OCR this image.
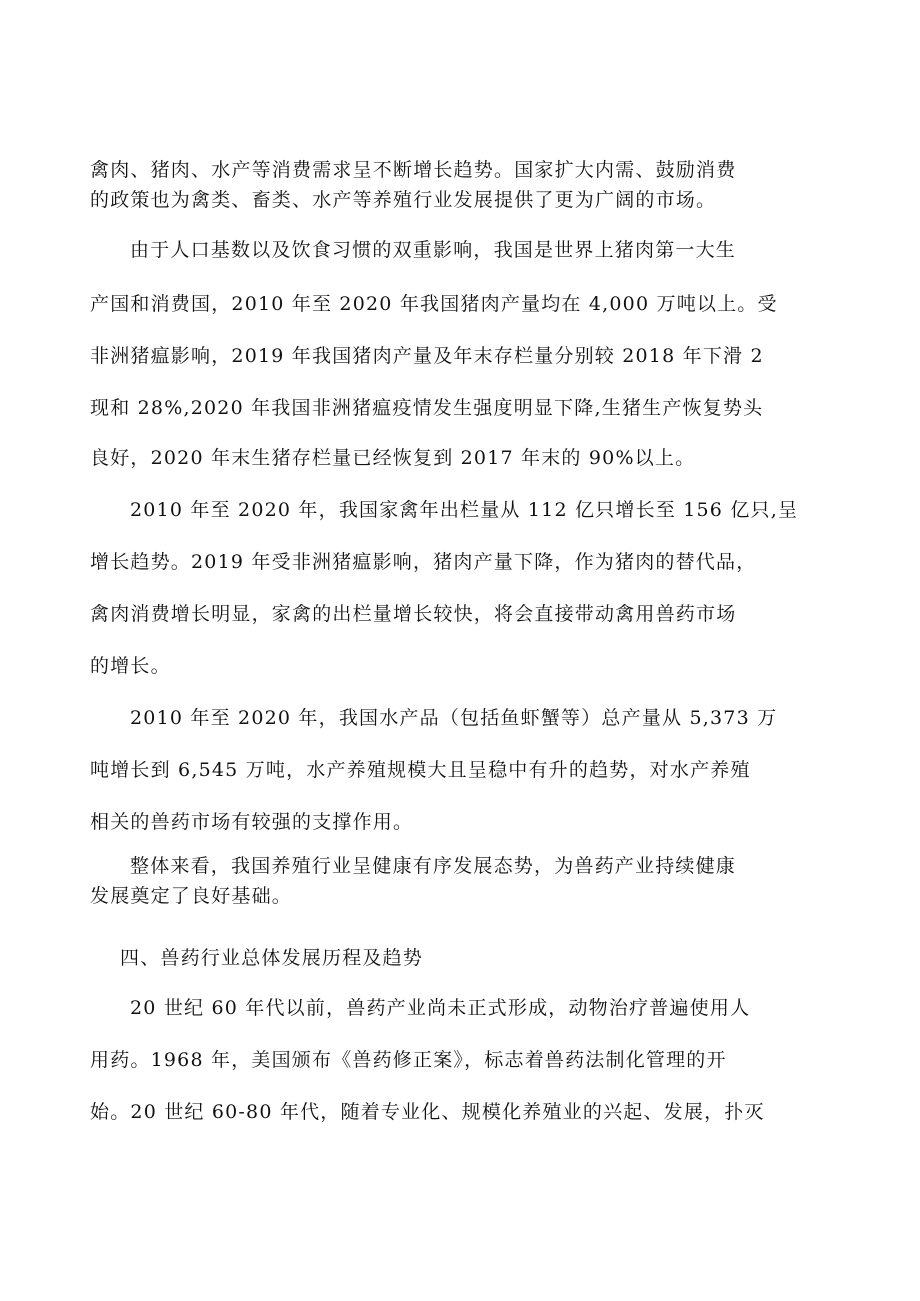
禽肉、猪肉、水产等消费需求呈不断增长趋势。国家扩大内需、鼓励消费
的政策也为禽类、畜类、水产等养殖行业发展提供了更为广阔的市场。
由于人口基数以及饮食习惯的双重影响，我国是世界上猪肉第一大生
产国和消费国，2010 年至 2020 年我国猪肉产量均在 4,000 万吨以上。受
非洲猪瘟影响，2019 年我国猪肉产量及年末存栏量分别较 2018 年下滑 2
现和 28%,2020 年我国非洲猪瘟疫情发生强度明显下降,生猪生产恢复势头
良好，2020 年末生猪存栏量已经恢复到 2017 年末的 90%以上。
2010 年至 2020 年，我国家禽年出栏量从 112 亿只增长至 156 亿只,呈
增长趋势。2019 年受非洲猪瘟影响，猪肉产量下降，作为猪肉的替代品，
禽肉消费增长明显，家禽的出栏量增长较快，将会直接带动禽用兽药市场
的增长。
2010 年至 2020 年，我国水产品（包括鱼虾蟹等）总产量从 5,373 万
吨增长到 6,545 万吨，水产养殖规模大且呈稳中有升的趋势，对水产养殖
相关的兽药市场有较强的支撑作用。
整体来看，我国养殖行业呈健康有序发展态势，为兽药产业持续健康
发展奠定了良好基础。
四、兽药行业总体发展历程及趋势
20 世纪 60 年代以前，兽药产业尚未正式形成，动物治疗普遍使用人
用药。1968 年，美国颁布《兽药修正案》，标志着兽药法制化管理的开
始。20 世纪 60-80 年代，随着专业化、规模化养殖业的兴起、发展，扑灭
